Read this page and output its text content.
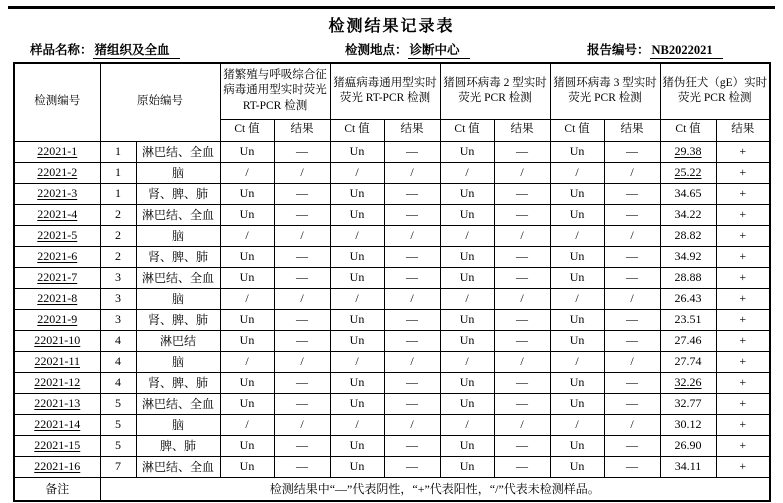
检测结果记录表
样品名称： 猪组织及全血	检测地点： 诊断中心	报告编号： NB2022021
检测编号	原始编号		猪繁殖与呼吸综合征病毒通用型实时荧光 RT-PCR 检测		猪瘟病毒通用型实时荧光 RT-PCR 检测		猪圆环病毒 2 型实时荧光 PCR 检测		猪圆环病毒 3 型实时荧光 PCR 检测		猪伪狂犬（gE）实时荧光 PCR 检测	
			Ct 值	结果	Ct 值	结果	Ct 值	结果	Ct 值	结果	Ct 值	结果
22021-1	1	淋巴结、全血	Un	—	Un	—	Un	—	Un	—	29.38	+
22021-2	1	脑	/	/	/	/	/	/	/	/	25.22	+
22021-3	1	肾、脾、肺	Un	—	Un	—	Un	—	Un	—	34.65	+
22021-4	2	淋巴结、全血	Un	—	Un	—	Un	—	Un	—	34.22	+
22021-5	2	脑	/	/	/	/	/	/	/	/	28.82	+
22021-6	2	肾、脾、肺	Un	—	Un	—	Un	—	Un	—	34.92	+
22021-7	3	淋巴结、全血	Un	—	Un	—	Un	—	Un	—	28.88	+
22021-8	3	脑	/	/	/	/	/	/	/	/	26.43	+
22021-9	3	肾、脾、肺	Un	—	Un	—	Un	—	Un	—	23.51	+
22021-10	4	淋巴结	Un	—	Un	—	Un	—	Un	—	27.46	+
22021-11	4	脑	/	/	/	/	/	/	/	/	27.74	+
22021-12	4	肾、脾、肺	Un	—	Un	—	Un	—	Un	—	32.26	+
22021-13	5	淋巴结、全血	Un	—	Un	—	Un	—	Un	—	32.77	+
22021-14	5	脑	/	/	/	/	/	/	/	/	30.12	+
22021-15	5	脾、肺	Un	—	Un	—	Un	—	Un	—	26.90	+
22021-16	7	淋巴结、全血	Un	—	Un	—	Un	—	Un	—	34.11	+
备注	检测结果中“—”代表阴性，“+”代表阳性，“/”代表未检测样品。											
